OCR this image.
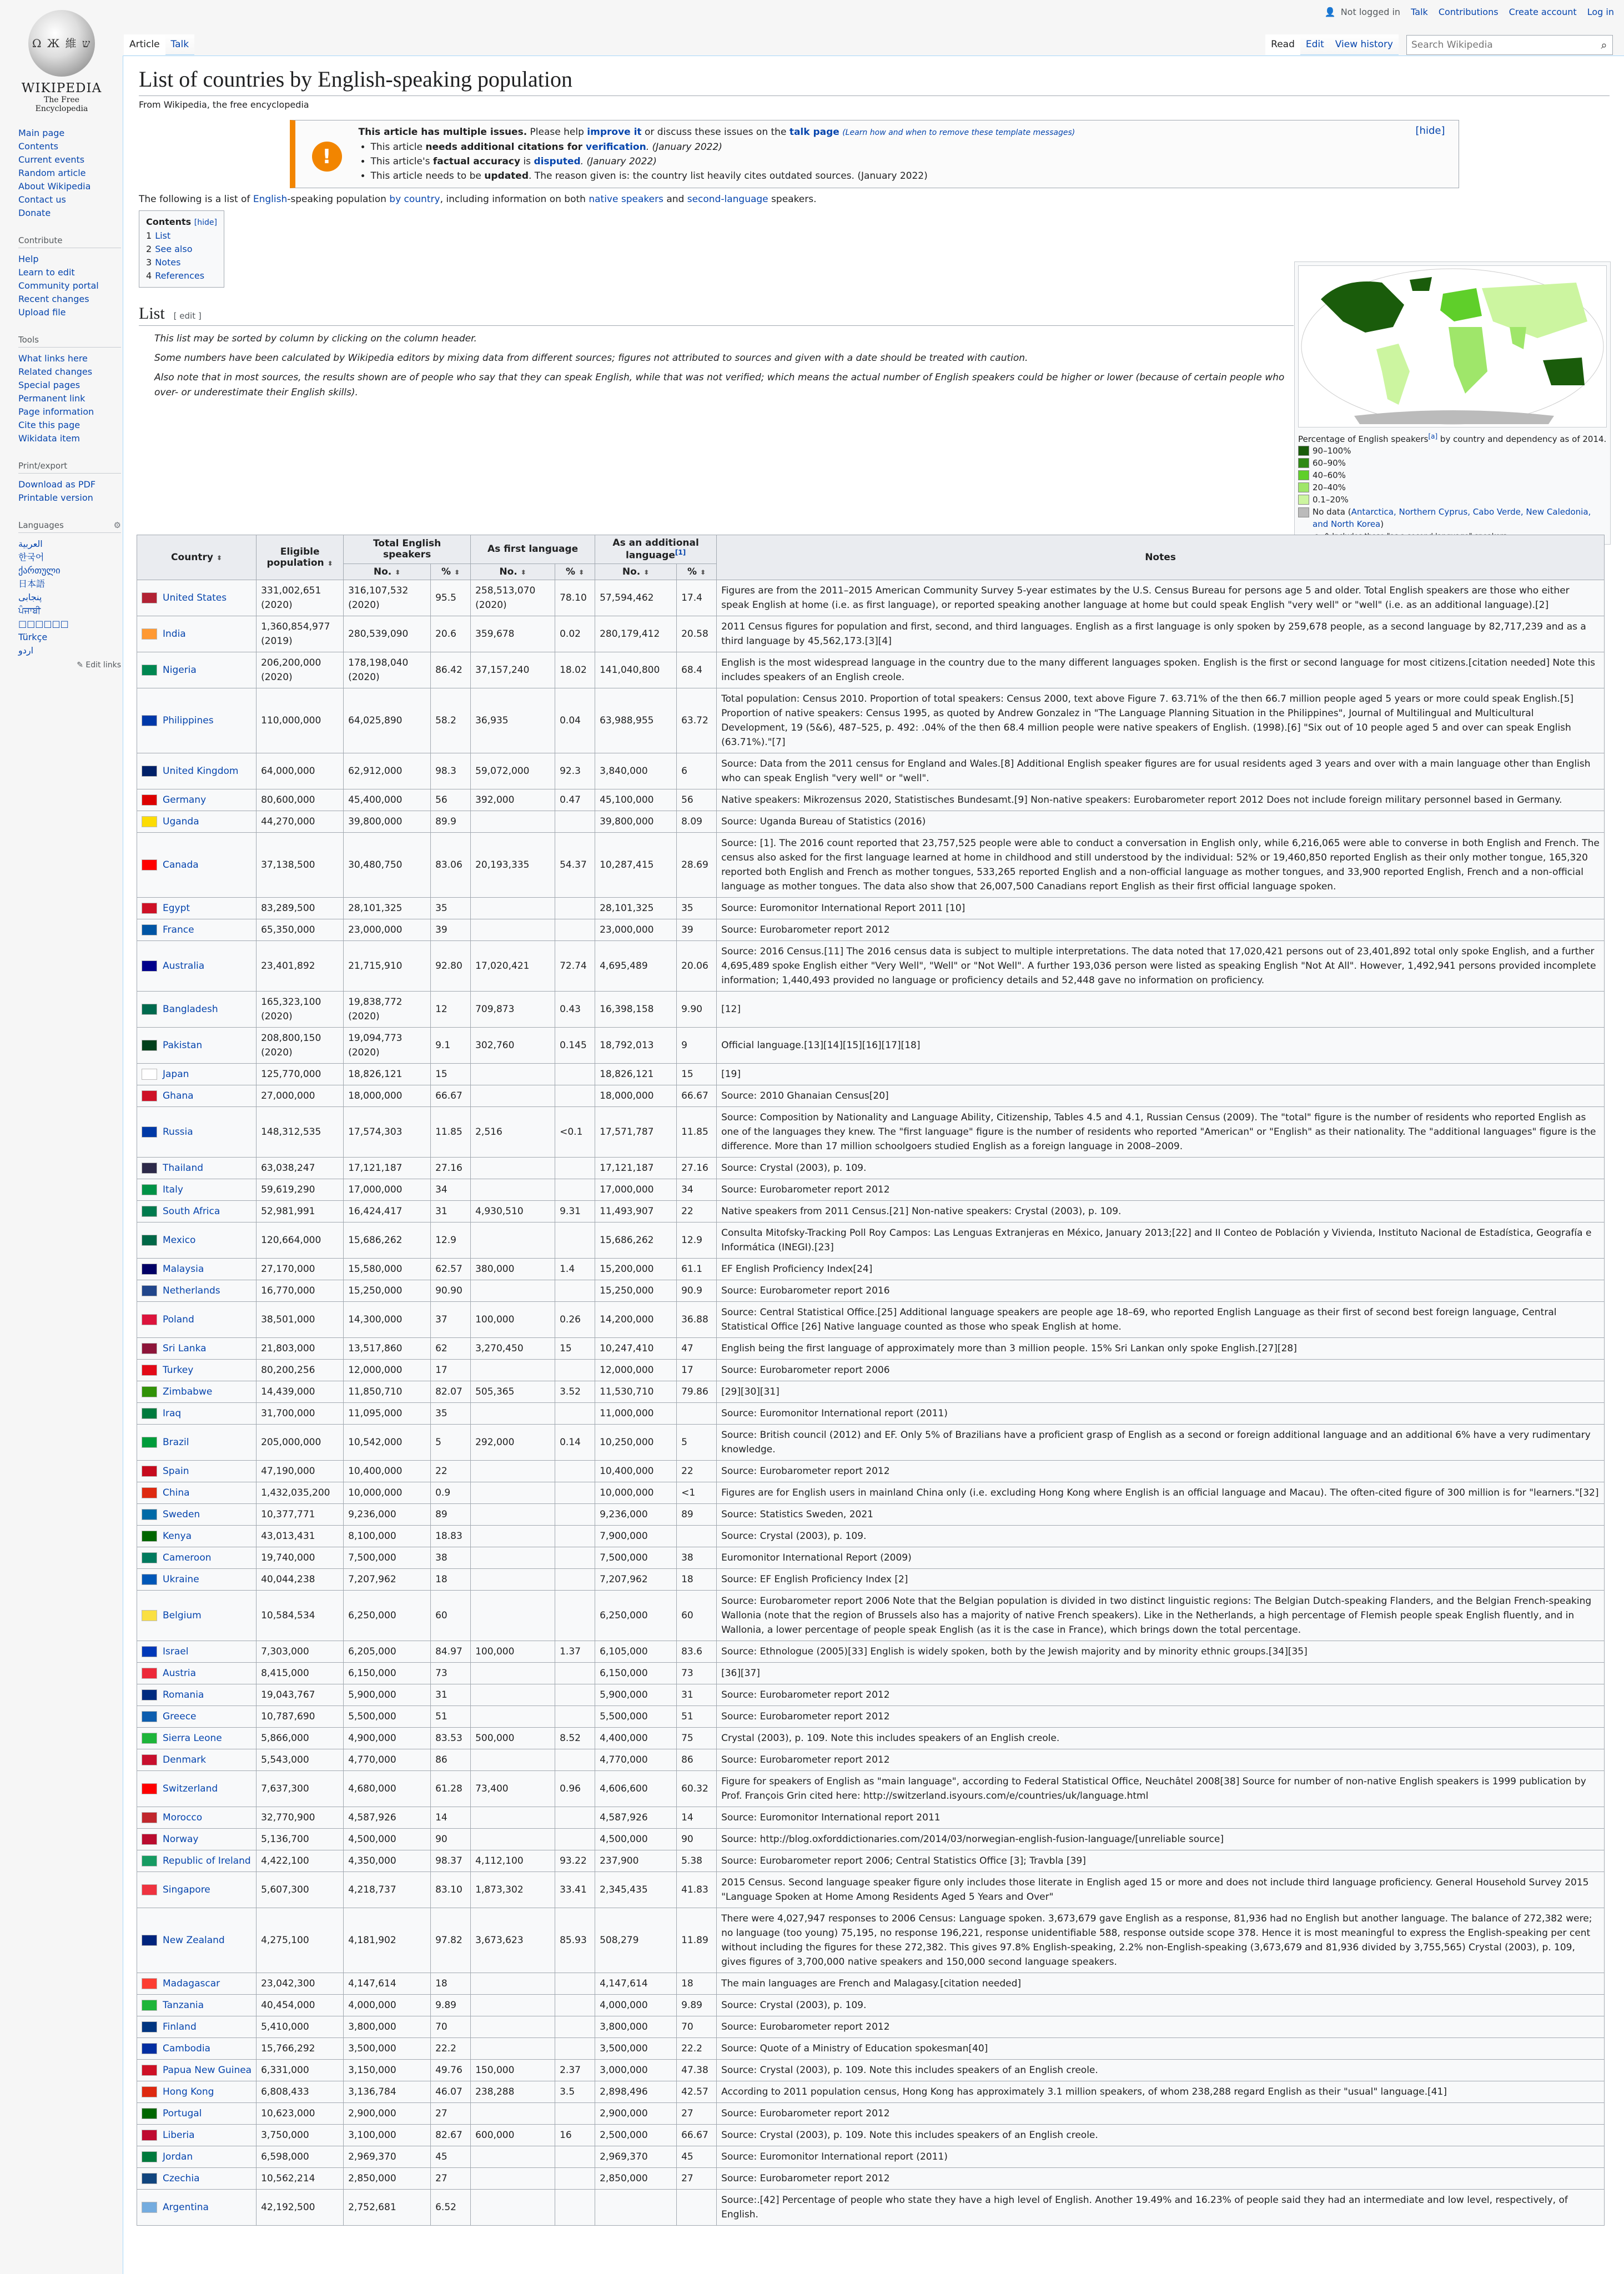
Ω Ж 維 ש
WIKIPEDIA
The Free Encyclopedia
Main page
Contents
Current events
Random article
About Wikipedia
Contact us
Donate
Contribute
Help
Learn to edit
Community portal
Recent changes
Upload file
Tools
What links here
Related changes
Special pages
Permanent link
Page information
Cite this page
Wikidata item
Print/export
Download as PDF
Printable version
Languages	⚙
العربية
한국어
ქართული
日本語
پنجابی
ਪੰਜਾਬੀ
□□□□□□
Türkçe
اردو
✎ Edit links
👤 Not logged in Talk Contributions Create account Log in
Article	Talk	Read	Edit	View history
Search Wikipedia	⌕
List of countries by English-speaking population
From Wikipedia, the free encyclopedia
!
This article has multiple issues. Please help improve it or discuss these issues on the talk page (Learn how and when to remove these template messages)
• This article needs additional citations for verification. (January 2022)
• This article's factual accuracy is disputed. (January 2022)
• This article needs to be updated. The reason given is: the country list heavily cites outdated sources. (January 2022)
[hide]
The following is a list of English-speaking population by country, including information on both native speakers and second-language speakers.
Contents [hide]
1 List
2 See also
3 Notes
4 References
List [ edit ]

This list may be sorted by column by clicking on the column header.

Some numbers have been calculated by Wikipedia editors by mixing data from different sources; figures not attributed to sources and given with a date should be treated with caution.

Also note that in most sources, the results shown are of people who say that they can speak English, while that was not verified; which means the actual number of English speakers could be higher or lower (because of certain people who over- or underestimate their English skills).

Percentage of English speakers[a] by country and dependency as of 2014.
90–100%
60–90%
40–60%
20–40%
0.1–20%
No data (Antarctica, Northern Cyprus, Cabo Verde, New Caledonia, and North Korea)
Country ⬍	Eligible population ⬍	Total English speakers		As first language		As an additional language[1]		Notes
		No. ⬍	% ⬍	No. ⬍	% ⬍	No. ⬍	% ⬍	
United States	331,002,651 (2020)	316,107,532 (2020)	95.5	258,513,070 (2020)	78.10	57,594,462	17.4	Figures are from the 2011–2015 American Community Survey 5-year estimates by the U.S. Census Bureau for persons age 5 and older. Total English speakers are those who either speak English at home (i.e. as first language), or reported speaking another language at home but could speak English "very well" or "well" (i.e. as an additional language).[2]
India	1,360,854,977 (2019)	280,539,090	20.6	359,678	0.02	280,179,412	20.58	2011 Census figures for population and first, second, and third languages. English as a first language is only spoken by 259,678 people, as a second language by 82,717,239 and as a third language by 45,562,173.[3][4]
Nigeria	206,200,000 (2020)	178,198,040 (2020)	86.42	37,157,240	18.02	141,040,800	68.4	English is the most widespread language in the country due to the many different languages spoken. English is the first or second language for most citizens.[citation needed] Note this includes speakers of an English creole.
Philippines	110,000,000	64,025,890	58.2	36,935	0.04	63,988,955	63.72	Total population: Census 2010. Proportion of total speakers: Census 2000, text above Figure 7. 63.71% of the then 66.7 million people aged 5 years or more could speak English.[5] Proportion of native speakers: Census 1995, as quoted by Andrew Gonzalez in "The Language Planning Situation in the Philippines", Journal of Multilingual and Multicultural Development, 19 (5&6), 487–525, p. 492: .04% of the then 68.4 million people were native speakers of English. (1998).[6] "Six out of 10 people aged 5 and over can speak English (63.71%)."[7]
United Kingdom	64,000,000	62,912,000	98.3	59,072,000	92.3	3,840,000	6	Source: Data from the 2011 census for England and Wales.[8] Additional English speaker figures are for usual residents aged 3 years and over with a main language other than English who can speak English "very well" or "well".
Germany	80,600,000	45,400,000	56	392,000	0.47	45,100,000	56	Native speakers: Mikrozensus 2020, Statistisches Bundesamt.[9] Non-native speakers: Eurobarometer report 2012 Does not include foreign military personnel based in Germany.
Uganda	44,270,000	39,800,000	89.9			39,800,000	8.09	Source: Uganda Bureau of Statistics (2016)
Canada	37,138,500	30,480,750	83.06	20,193,335	54.37	10,287,415	28.69	Source: [1]. The 2016 count reported that 23,757,525 people were able to conduct a conversation in English only, while 6,216,065 were able to converse in both English and French. The census also asked for the first language learned at home in childhood and still understood by the individual: 52% or 19,460,850 reported English as their only mother tongue, 165,320 reported both English and French as mother tongues, 533,265 reported English and a non-official language as mother tongues, and 33,900 reported English, French and a non-official language as mother tongues. The data also show that 26,007,500 Canadians report English as their first official language spoken.
Egypt	83,289,500	28,101,325	35			28,101,325	35	Source: Euromonitor International Report 2011 [10]
France	65,350,000	23,000,000	39			23,000,000	39	Source: Eurobarometer report 2012
Australia	23,401,892	21,715,910	92.80	17,020,421	72.74	4,695,489	20.06	Source: 2016 Census.[11] The 2016 census data is subject to multiple interpretations. The data noted that 17,020,421 persons out of 23,401,892 total only spoke English, and a further 4,695,489 spoke English either "Very Well", "Well" or "Not Well". A further 193,036 person were listed as speaking English "Not At All". However, 1,492,941 persons provided incomplete information; 1,440,493 provided no language or proficiency details and 52,448 gave no information on proficiency.
Bangladesh	165,323,100 (2020)	19,838,772 (2020)	12	709,873	0.43	16,398,158	9.90	[12]
Pakistan	208,800,150 (2020)	19,094,773 (2020)	9.1	302,760	0.145	18,792,013	9	Official language.[13][14][15][16][17][18]
Japan	125,770,000	18,826,121	15			18,826,121	15	[19]
Ghana	27,000,000	18,000,000	66.67			18,000,000	66.67	Source: 2010 Ghanaian Census[20]
Russia	148,312,535	17,574,303	11.85	2,516	<0.1	17,571,787	11.85	Source: Composition by Nationality and Language Ability, Citizenship, Tables 4.5 and 4.1, Russian Census (2009). The "total" figure is the number of residents who reported English as one of the languages they knew. The "first language" figure is the number of residents who reported "American" or "English" as their nationality. The "additional languages" figure is the difference. More than 17 million schoolgoers studied English as a foreign language in 2008–2009.
Thailand	63,038,247	17,121,187	27.16			17,121,187	27.16	Source: Crystal (2003), p. 109.
Italy	59,619,290	17,000,000	34			17,000,000	34	Source: Eurobarometer report 2012
South Africa	52,981,991	16,424,417	31	4,930,510	9.31	11,493,907	22	Native speakers from 2011 Census.[21] Non-native speakers: Crystal (2003), p. 109.
Mexico	120,664,000	15,686,262	12.9			15,686,262	12.9	Consulta Mitofsky-Tracking Poll Roy Campos: Las Lenguas Extranjeras en México, January 2013;[22] and II Conteo de Población y Vivienda, Instituto Nacional de Estadística, Geografía e Informática (INEGI).[23]
Malaysia	27,170,000	15,580,000	62.57	380,000	1.4	15,200,000	61.1	EF English Proficiency Index[24]
Netherlands	16,770,000	15,250,000	90.90			15,250,000	90.9	Source: Eurobarometer report 2016
Poland	38,501,000	14,300,000	37	100,000	0.26	14,200,000	36.88	Source: Central Statistical Office.[25] Additional language speakers are people age 18–69, who reported English Language as their first of second best foreign language, Central Statistical Office [26] Native language counted as those who speak English at home.
Sri Lanka	21,803,000	13,517,860	62	3,270,450	15	10,247,410	47	English being the first language of approximately more than 3 million people. 15% Sri Lankan only spoke English.[27][28]
Turkey	80,200,256	12,000,000	17			12,000,000	17	Source: Eurobarometer report 2006
Zimbabwe	14,439,000	11,850,710	82.07	505,365	3.52	11,530,710	79.86	[29][30][31]
Iraq	31,700,000	11,095,000	35			11,000,000		Source: Euromonitor International report (2011)
Brazil	205,000,000	10,542,000	5	292,000	0.14	10,250,000	5	Source: British council (2012) and EF. Only 5% of Brazilians have a proficient grasp of English as a second or foreign additional language and an additional 6% have a very rudimentary knowledge.
Spain	47,190,000	10,400,000	22			10,400,000	22	Source: Eurobarometer report 2012
China	1,432,035,200	10,000,000	0.9			10,000,000	<1	Figures are for English users in mainland China only (i.e. excluding Hong Kong where English is an official language and Macau). The often-cited figure of 300 million is for "learners."[32]
Sweden	10,377,771	9,236,000	89			9,236,000	89	Source: Statistics Sweden, 2021
Kenya	43,013,431	8,100,000	18.83			7,900,000		Source: Crystal (2003), p. 109.
Cameroon	19,740,000	7,500,000	38			7,500,000	38	Euromonitor International Report (2009)
Ukraine	40,044,238	7,207,962	18			7,207,962	18	Source: EF English Proficiency Index [2]
Belgium	10,584,534	6,250,000	60			6,250,000	60	Source: Eurobarometer report 2006 Note that the Belgian population is divided in two distinct linguistic regions: The Belgian Dutch-speaking Flanders, and the Belgian French-speaking Wallonia (note that the region of Brussels also has a majority of native French speakers). Like in the Netherlands, a high percentage of Flemish people speak English fluently, and in Wallonia, a lower percentage of people speak English (as it is the case in France), which brings down the total percentage.
Israel	7,303,000	6,205,000	84.97	100,000	1.37	6,105,000	83.6	Source: Ethnologue (2005)[33] English is widely spoken, both by the Jewish majority and by minority ethnic groups.[34][35]
Austria	8,415,000	6,150,000	73			6,150,000	73	[36][37]
Romania	19,043,767	5,900,000	31			5,900,000	31	Source: Eurobarometer report 2012
Greece	10,787,690	5,500,000	51			5,500,000	51	Source: Eurobarometer report 2012
Sierra Leone	5,866,000	4,900,000	83.53	500,000	8.52	4,400,000	75	Crystal (2003), p. 109. Note this includes speakers of an English creole.
Denmark	5,543,000	4,770,000	86			4,770,000	86	Source: Eurobarometer report 2012
Switzerland	7,637,300	4,680,000	61.28	73,400	0.96	4,606,600	60.32	Figure for speakers of English as "main language", according to Federal Statistical Office, Neuchâtel 2008[38] Source for number of non-native English speakers is 1999 publication by Prof. François Grin cited here: http://switzerland.isyours.com/e/countries/uk/language.html
Morocco	32,770,900	4,587,926	14			4,587,926	14	Source: Euromonitor International report 2011
Norway	5,136,700	4,500,000	90			4,500,000	90	Source: http://blog.oxforddictionaries.com/2014/03/norwegian-english-fusion-language/[unreliable source]
Republic of Ireland	4,422,100	4,350,000	98.37	4,112,100	93.22	237,900	5.38	Source: Eurobarometer report 2006; Central Statistics Office [3]; Travbla [39]
Singapore	5,607,300	4,218,737	83.10	1,873,302	33.41	2,345,435	41.83	2015 Census. Second language speaker figure only includes those literate in English aged 15 or more and does not include third language proficiency. General Household Survey 2015 "Language Spoken at Home Among Residents Aged 5 Years and Over"
New Zealand	4,275,100	4,181,902	97.82	3,673,623	85.93	508,279	11.89	There were 4,027,947 responses to 2006 Census: Language spoken. 3,673,679 gave English as a response, 81,936 had no English but another language. The balance of 272,382 were; no language (too young) 75,195, no response 196,221, response unidentifiable 588, response outside scope 378. Hence it is most meaningful to express the English-speaking per cent without including the figures for these 272,382. This gives 97.8% English-speaking, 2.2% non-English-speaking (3,673,679 and 81,936 divided by 3,755,565) Crystal (2003), p. 109, gives figures of 3,700,000 native speakers and 150,000 second language speakers.
Madagascar	23,042,300	4,147,614	18			4,147,614	18	The main languages are French and Malagasy.[citation needed]
Tanzania	40,454,000	4,000,000	9.89			4,000,000	9.89	Source: Crystal (2003), p. 109.
Finland	5,410,000	3,800,000	70			3,800,000	70	Source: Eurobarometer report 2012
Cambodia	15,766,292	3,500,000	22.2			3,500,000	22.2	Source: Quote of a Ministry of Education spokesman[40]
Papua New Guinea	6,331,000	3,150,000	49.76	150,000	2.37	3,000,000	47.38	Source: Crystal (2003), p. 109. Note this includes speakers of an English creole.
Hong Kong	6,808,433	3,136,784	46.07	238,288	3.5	2,898,496	42.57	According to 2011 population census, Hong Kong has approximately 3.1 million speakers, of whom 238,288 regard English as their "usual" language.[41]
Portugal	10,623,000	2,900,000	27			2,900,000	27	Source: Eurobarometer report 2012
Liberia	3,750,000	3,100,000	82.67	600,000	16	2,500,000	66.67	Source: Crystal (2003), p. 109. Note this includes speakers of an English creole.
Jordan	6,598,000	2,969,370	45			2,969,370	45	Source: Euromonitor International report (2011)
Czechia	10,562,214	2,850,000	27			2,850,000	27	Source: Eurobarometer report 2012
Argentina	42,192,500	2,752,681	6.52					Source:.[42] Percentage of people who state they have a high level of English. Another 19.49% and 16.23% of people said they had an intermediate and low level, respectively, of English.
